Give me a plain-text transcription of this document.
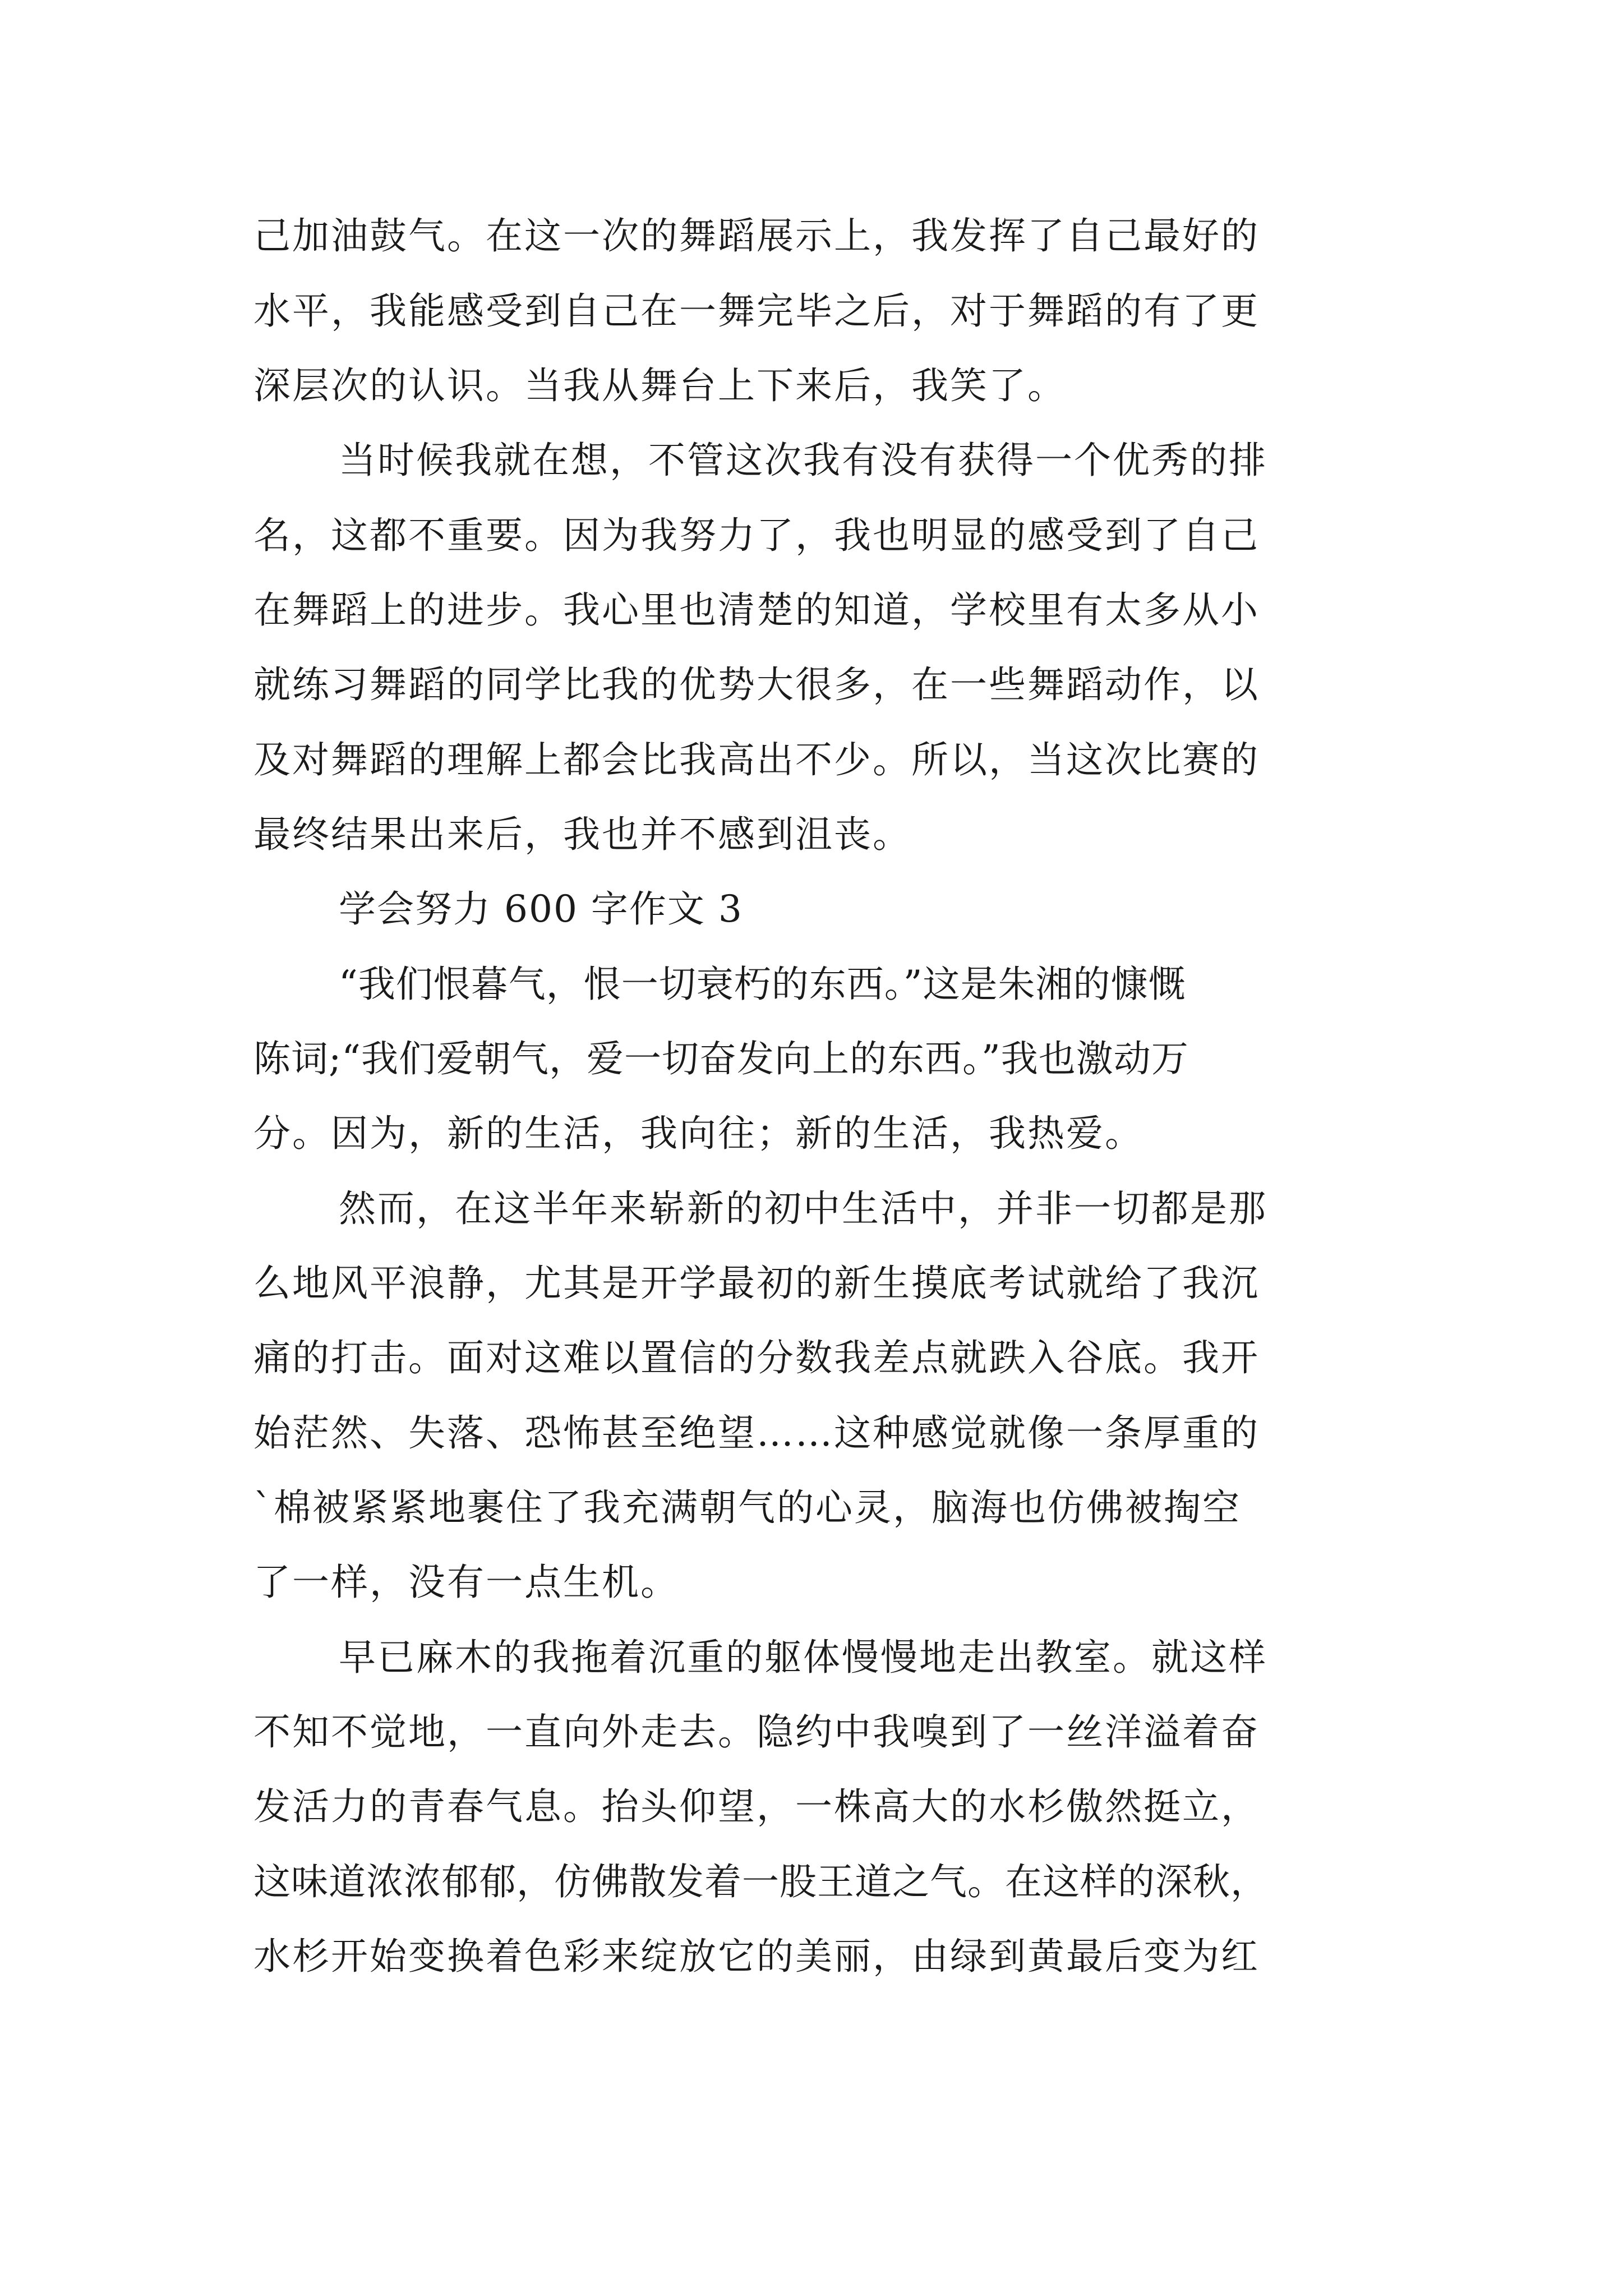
己加油鼓气。在这一次的舞蹈展示上，我发挥了自己最好的
水平，我能感受到自己在一舞完毕之后，对于舞蹈的有了更
深层次的认识。当我从舞台上下来后，我笑了。
当时候我就在想，不管这次我有没有获得一个优秀的排
名，这都不重要。因为我努力了，我也明显的感受到了自己
在舞蹈上的进步。我心里也清楚的知道，学校里有太多从小
就练习舞蹈的同学比我的优势大很多，在一些舞蹈动作，以
及对舞蹈的理解上都会比我高出不少。所以，当这次比赛的
最终结果出来后，我也并不感到沮丧。
学会努力 600 字作文 3
“我们恨暮气，恨一切衰朽的东西。”这是朱湘的慷慨
陈词;“我们爱朝气，爱一切奋发向上的东西。”我也激动万
分。因为，新的生活，我向往；新的生活，我热爱。
然而，在这半年来崭新的初中生活中，并非一切都是那
么地风平浪静，尤其是开学最初的新生摸底考试就给了我沉
痛的打击。面对这难以置信的分数我差点就跌入谷底。我开
始茫然、失落、恐怖甚至绝望……这种感觉就像一条厚重的
`棉被紧紧地裹住了我充满朝气的心灵，脑海也仿佛被掏空
了一样，没有一点生机。
早已麻木的我拖着沉重的躯体慢慢地走出教室。就这样
不知不觉地，一直向外走去。隐约中我嗅到了一丝洋溢着奋
发活力的青春气息。抬头仰望，一株高大的水杉傲然挺立，
这味道浓浓郁郁，仿佛散发着一股王道之气。在这样的深秋，
水杉开始变换着色彩来绽放它的美丽，由绿到黄最后变为红
